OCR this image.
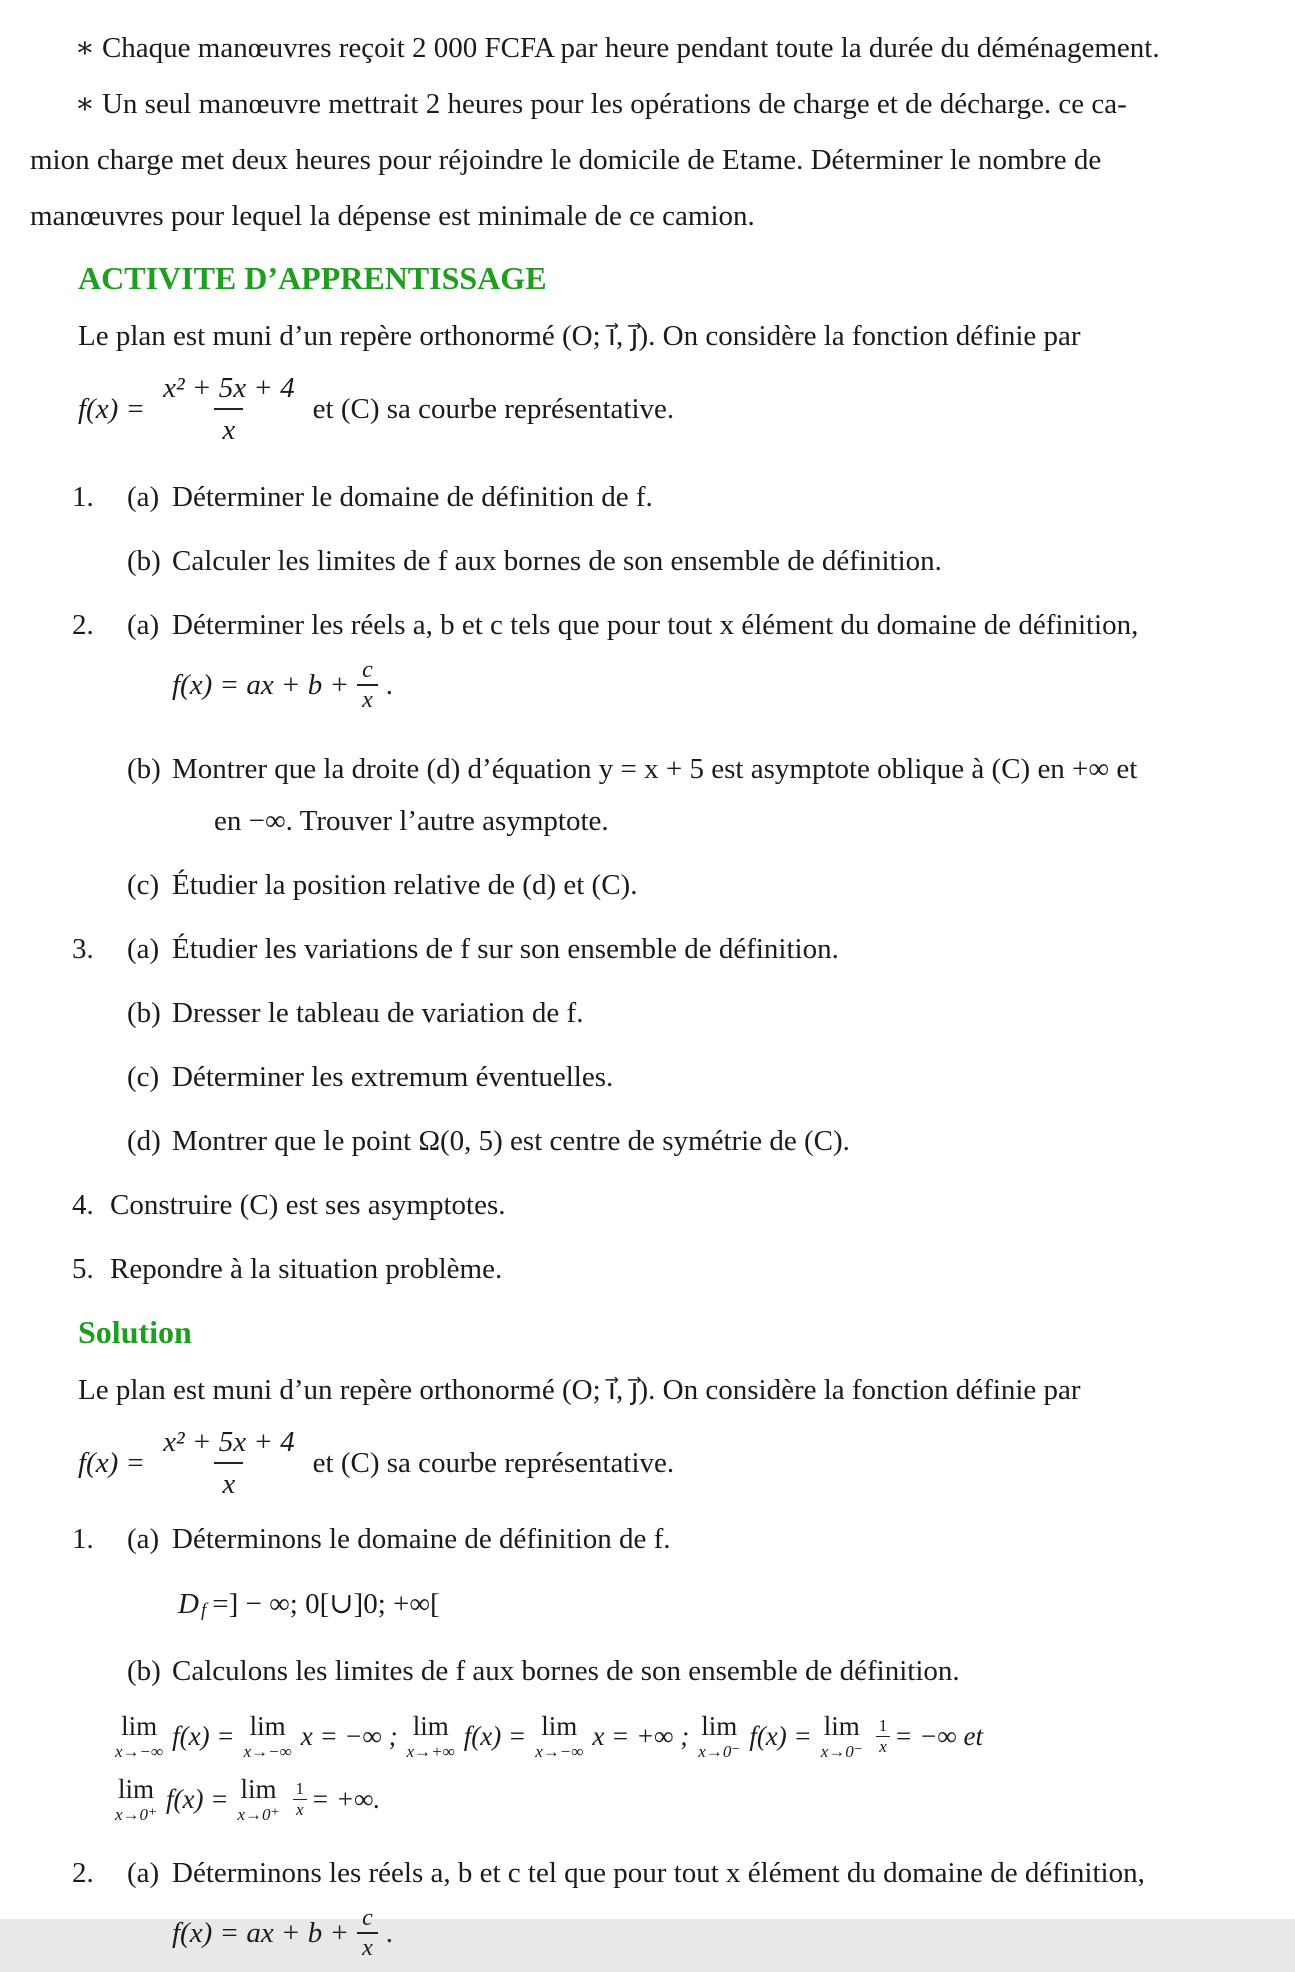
∗ Chaque manœuvres reçoit 2 000 FCFA par heure pendant toute la durée du déménagement.

∗ Un seul manœuvre mettrait 2 heures pour les opérations de charge et de décharge. ce ca-

mion charge met deux heures pour réjoindre le domicile de Etame. Déterminer le nombre de

manœuvres pour lequel la dépense est minimale de ce camion.

ACTIVITE D’APPRENTISSAGE

Le plan est muni d’un repère orthonormé (O; i⃗, j⃗). On considère la fonction définie par

$f(x) = \frac{\text{x² + 5x + 4}}{x}$ et (C) sa courbe représentative.
1.	(a) Déterminer le domaine de définition de f.
(b) Calculer les limites de f aux bornes de son ensemble de définition.
2.	(a) Déterminer les réels a, b et c tels que pour tout x élément du domaine de définition,
f(x) = ax + $b + \frac{c}{x}$ .
(b) Montrer que la droite (d) d’équation y = x + 5 est asymptote oblique à (C) en +∞ et
en −∞. Trouver l’autre asymptote.
(c) Étudier la position relative de (d) et (C).
3.	(a) Étudier les variations de f sur son ensemble de définition.
(b) Dresser le tableau de variation de f.
(c) Déterminer les extremum éventuelles.
(d) Montrer que le point Ω(0, 5) est centre de symétrie de (C).
4. Construire (C) est ses asymptotes.
5. Repondre à la situation problème.
Solution

Le plan est muni d’un repère orthonormé (O; i⃗, j⃗). On considère la fonction définie par

$f(x) = \frac{\text{x² + 5x + 4}}{x}$ et (C) sa courbe représentative.
1.	(a) Déterminons le domaine de définition de f.
D f =] − ∞; 0[∪]0; +∞[
(b) Calculons les limites de f aux bornes de son ensemble de définition.
lim
x→−∞
f(x) = lim
x→−∞
x = −∞ ; lim
x→+∞
f(x) = lim
x→−∞
x = +∞ ; lim
x→0⁻
f(x) = lim
$x\to 0^- \frac{1}{x}$ = −∞ et
lim
x→0⁺
f(x) = lim
$x\to 0^+ \frac{1}{x}$ = +∞.
2.	(a) Déterminons les réels a, b et c tel que pour tout x élément du domaine de définition,
f(x) = ax + $b + \frac{c}{x}$ .
